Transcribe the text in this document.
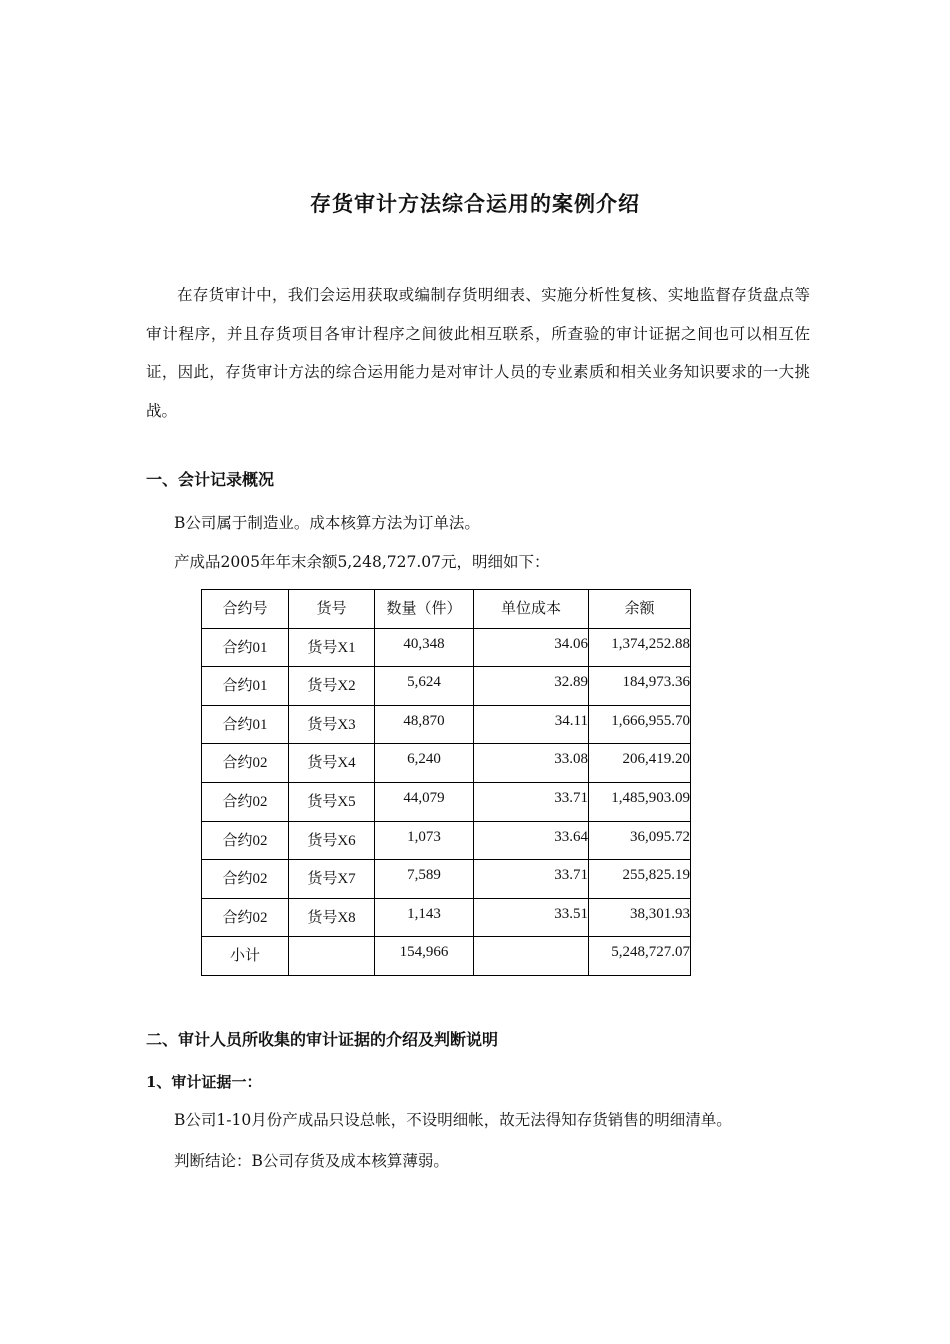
存货审计方法综合运用的案例介绍

在存货审计中，我们会运用获取或编制存货明细表、实施分析性复核、实地监督存货盘点等审计程序，并且存货项目各审计程序之间彼此相互联系，所查验的审计证据之间也可以相互佐证，因此，存货审计方法的综合运用能力是对审计人员的专业素质和相关业务知识要求的一大挑战。

一、会计记录概况
B公司属于制造业。成本核算方法为订单法。
产成品2005年年末余额5,248,727.07元，明细如下：
合约号	货号	数量（件）	单位成本	余额
合约01	货号X1	40,348	34.06	1,374,252.88
合约01	货号X2	5,624	32.89	184,973.36
合约01	货号X3	48,870	34.11	1,666,955.70
合约02	货号X4	6,240	33.08	206,419.20
合约02	货号X5	44,079	33.71	1,485,903.09
合约02	货号X6	1,073	33.64	36,095.72
合约02	货号X7	7,589	33.71	255,825.19
合约02	货号X8	1,143	33.51	38,301.93
小计		154,966		5,248,727.07
二、审计人员所收集的审计证据的介绍及判断说明
1、审计证据一：
B公司1-10月份产成品只设总帐，不设明细帐，故无法得知存货销售的明细清单。
判断结论：B公司存货及成本核算薄弱。
